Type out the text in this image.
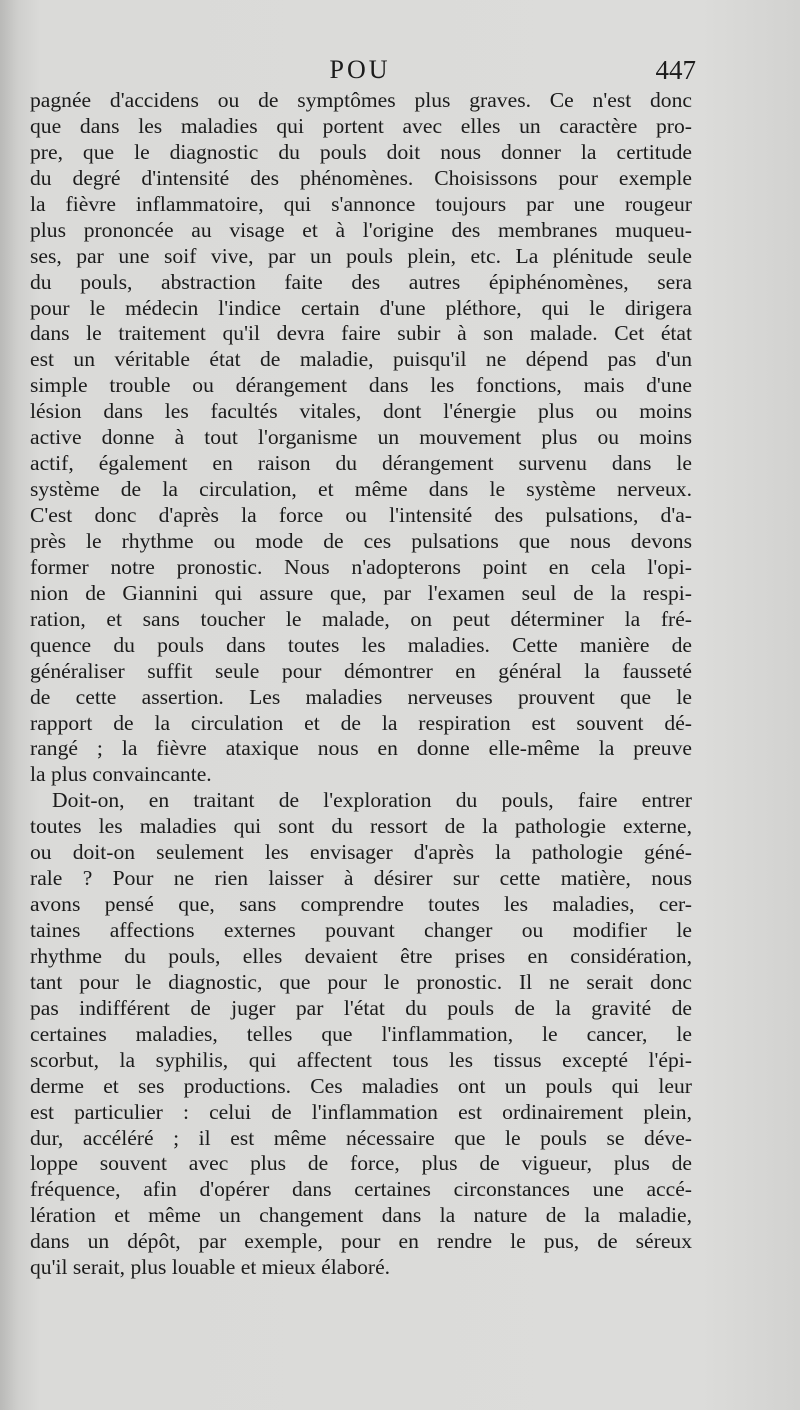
POU	447
pagnée d'accidens ou de symptômes plus graves. Ce n'est donc
que dans les maladies qui portent avec elles un caractère pro-
pre, que le diagnostic du pouls doit nous donner la certitude
du degré d'intensité des phénomènes. Choisissons pour exemple
la fièvre inflammatoire, qui s'annonce toujours par une rougeur
plus prononcée au visage et à l'origine des membranes muqueu-
ses, par une soif vive, par un pouls plein, etc. La plénitude seule
du pouls, abstraction faite des autres épiphénomènes, sera
pour le médecin l'indice certain d'une pléthore, qui le dirigera
dans le traitement qu'il devra faire subir à son malade. Cet état
est un véritable état de maladie, puisqu'il ne dépend pas d'un
simple trouble ou dérangement dans les fonctions, mais d'une
lésion dans les facultés vitales, dont l'énergie plus ou moins
active donne à tout l'organisme un mouvement plus ou moins
actif, également en raison du dérangement survenu dans le
système de la circulation, et même dans le système nerveux.
C'est donc d'après la force ou l'intensité des pulsations, d'a-
près le rhythme ou mode de ces pulsations que nous devons
former notre pronostic. Nous n'adopterons point en cela l'opi-
nion de Giannini qui assure que, par l'examen seul de la respi-
ration, et sans toucher le malade, on peut déterminer la fré-
quence du pouls dans toutes les maladies. Cette manière de
généraliser suffit seule pour démontrer en général la fausseté
de cette assertion. Les maladies nerveuses prouvent que le
rapport de la circulation et de la respiration est souvent dé-
rangé ; la fièvre ataxique nous en donne elle-même la preuve
la plus convaincante.
Doit-on, en traitant de l'exploration du pouls, faire entrer
toutes les maladies qui sont du ressort de la pathologie externe,
ou doit-on seulement les envisager d'après la pathologie géné-
rale ? Pour ne rien laisser à désirer sur cette matière, nous
avons pensé que, sans comprendre toutes les maladies, cer-
taines affections externes pouvant changer ou modifier le
rhythme du pouls, elles devaient être prises en considération,
tant pour le diagnostic, que pour le pronostic. Il ne serait donc
pas indifférent de juger par l'état du pouls de la gravité de
certaines maladies, telles que l'inflammation, le cancer, le
scorbut, la syphilis, qui affectent tous les tissus excepté l'épi-
derme et ses productions. Ces maladies ont un pouls qui leur
est particulier : celui de l'inflammation est ordinairement plein,
dur, accéléré ; il est même nécessaire que le pouls se déve-
loppe souvent avec plus de force, plus de vigueur, plus de
fréquence, afin d'opérer dans certaines circonstances une accé-
lération et même un changement dans la nature de la maladie,
dans un dépôt, par exemple, pour en rendre le pus, de séreux
qu'il serait, plus louable et mieux élaboré.
